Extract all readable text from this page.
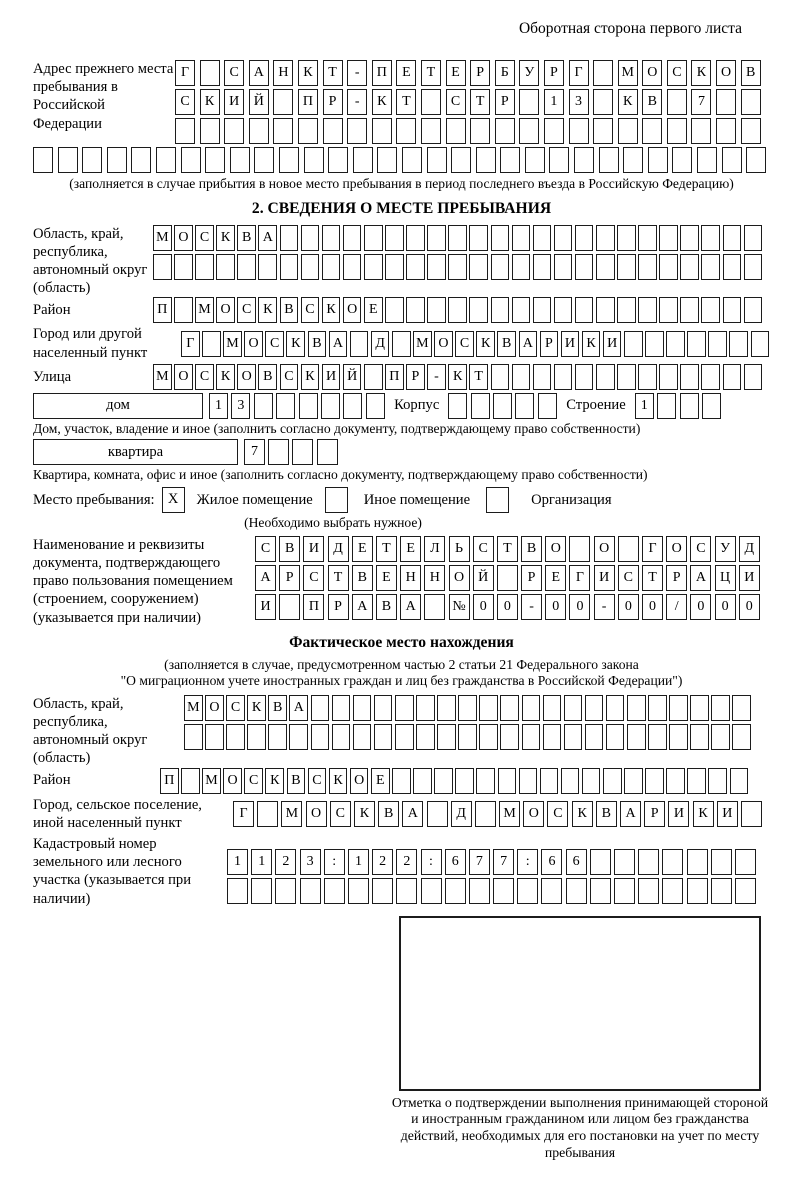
Оборотная сторона первого листа
Адрес прежнего места пребывания в Российской Федерации
Г	С	А	Н	К	Т	-	П	Е	Т	Е	Р	Б	У	Р	Г	М О	С	К	О	В
С	К	И	Й	П	Р	-	К	Т	С	Т	Р	1	3	К	В	7
(заполняется в случае прибытия в новое место пребывания в период последнего въезда в Российскую Федерацию)
2. СВЕДЕНИЯ О МЕСТЕ ПРЕБЫВАНИЯ
Область, край, республика, автономный округ (область)
М О С К В А
Район	П	М О С К В С К О Е
Город или другой населенный пункт
Г	М О С К В А	Д	М О С К В А Р И К И
Улица	М О С К О В С К И Й	П Р	-	К Т
дом	1	3	Корпус	Строение	1
Дом, участок, владение и иное (заполнить согласно документу, подтверждающему право собственности)
квартира	7
Квартира, комната, офис и иное (заполнить согласно документу, подтверждающему право собственности)
Место пребывания: X	Жилое помещение	Иное помещение	Организация
(Необходимо выбрать нужное)
Наименование и реквизиты документа, подтверждающего право пользования помещением (строением, сооружением) (указывается при наличии)
С	В	И	Д	Е	Т	Е	Л	Ь	С	Т	В	О	О	Г	О	С	У	Д
А	Р	С	Т	В	Е	Н	Н	О	Й	Р	Е	Г	И	С	Т	Р	А	Ц	И
И	П	Р	А	В	А	№	0	0	-	0	0	-	0	0	/	0	0	0
Фактическое место нахождения
(заполняется в случае, предусмотренном частью 2 статьи 21 Федерального закона
"О миграционном учете иностранных граждан и лиц без гражданства в Российской Федерации")
Область, край, республика, автономный округ (область)
М О С К В А
Район	П	М О С К В С К О Е
Город, сельское поселение, иной населенный пункт
Г	М О	С	К	В	А	Д	М О	С	К	В	А	Р	И	К	И
Кадастровый номер земельного или лесного участка (указывается при наличии)
1	1	2	3	:	1	2	2	:	6	7	7	:	6	6
Отметка о подтверждении выполнения принимающей стороной и иностранным гражданином или лицом без гражданства действий, необходимых для его постановки на учет по месту пребывания
